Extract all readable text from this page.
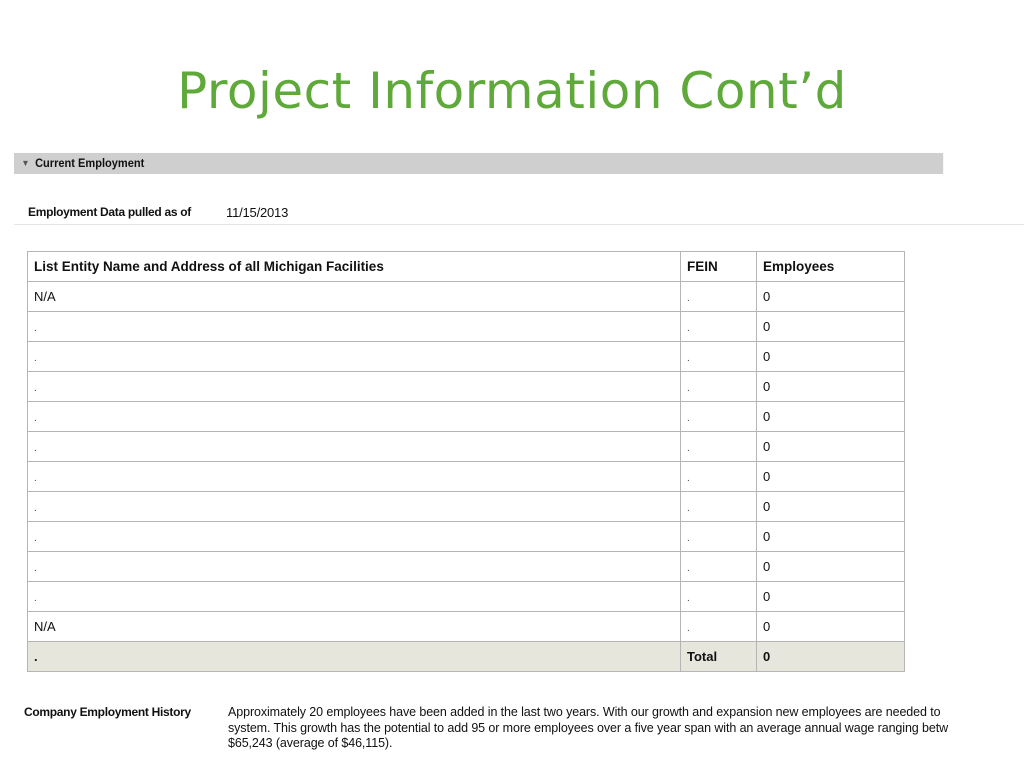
Project Information Cont’d
▼ Current Employment
Employment Data pulled as of	11/15/2013
List Entity Name and Address of all Michigan Facilities	FEIN	Employees
N/A	.	0
.	.	0
.	.	0
.	.	0
.	.	0
.	.	0
.	.	0
.	.	0
.	.	0
.	.	0
.	.	0
N/A	.	0
.	Total	0
Company Employment History	Approximately 20 employees have been added in the last two years. With our growth and expansion new employees are needed to
system. This growth has the potential to add 95 or more employees over a five year span with an average annual wage ranging betw
$65,243 (average of $46,115).
